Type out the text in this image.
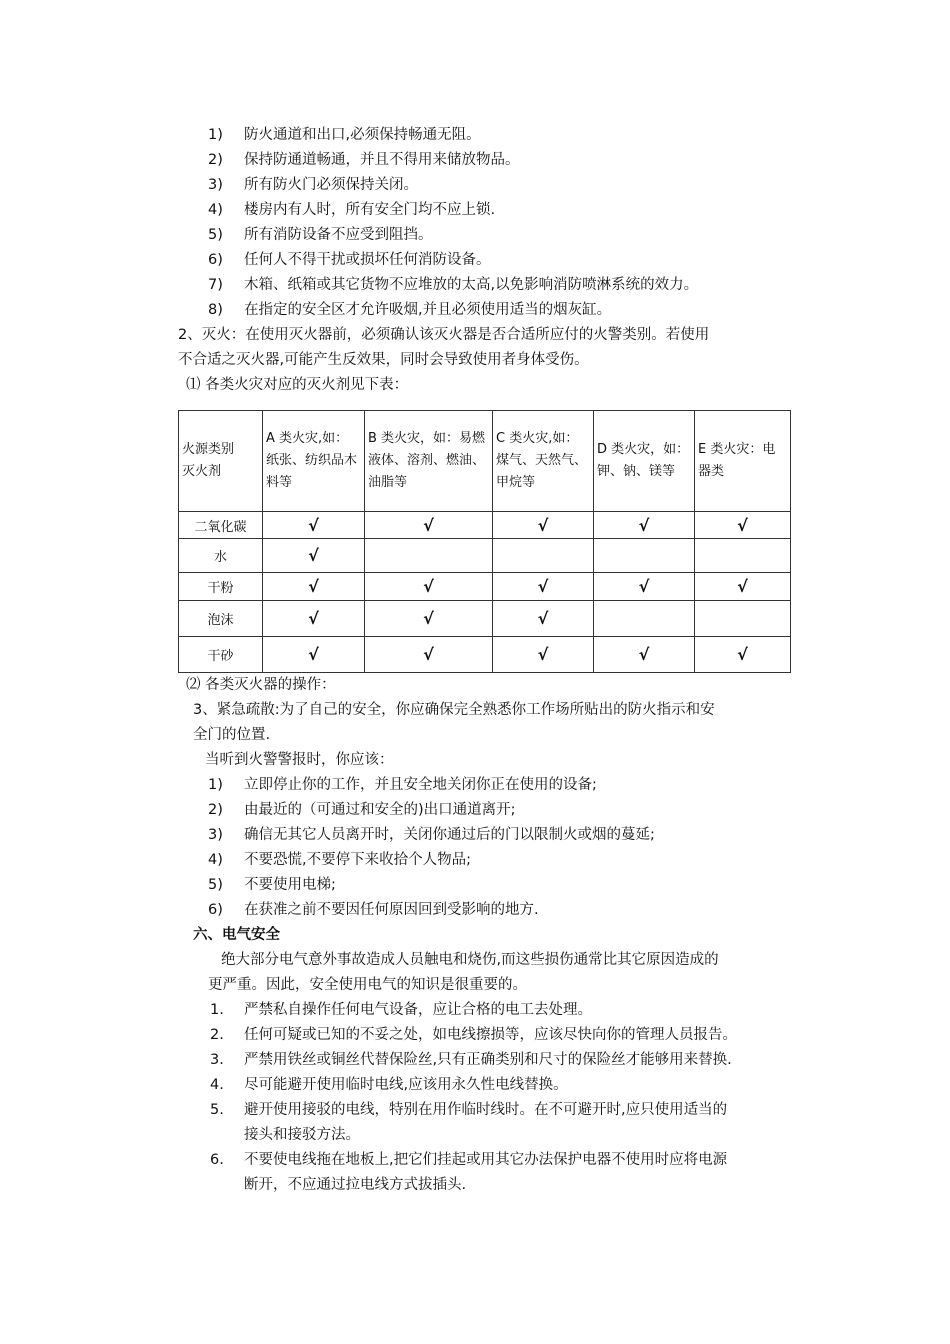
1) 防火通道和出口,必须保持畅通无阻。
2) 保持防通道畅通，并且不得用来储放物品。
3) 所有防火门必须保持关闭。
4) 楼房内有人时，所有安全门均不应上锁.
5) 所有消防设备不应受到阻挡。
6) 任何人不得干扰或损坏任何消防设备。
7) 木箱、纸箱或其它货物不应堆放的太高,以免影响消防喷淋系统的效力。
8) 在指定的安全区才允许吸烟,并且必须使用适当的烟灰缸。
2、灭火：在使用灭火器前，必须确认该灭火器是否合适所应付的火警类别。若使用
不合适之灭火器,可能产生反效果，同时会导致使用者身体受伤。
⑴ 各类火灾对应的灭火剂见下表：
火源类别
灭火剂	A 类火灾,如：纸张、纺织品木料等	B 类火灾，如：易燃液体、溶剂、燃油、油脂等	C 类火灾,如：煤气、天然气、甲烷等	D 类火灾，如：钾、钠、镁等	E 类火灾：电器类

二氧化碳	√	√	√	√	√
水	√				
干粉	√	√	√	√	√
泡沫	√	√	√		
干砂	√	√	√	√	√
⑵ 各类灭火器的操作：
3、紧急疏散:为了自己的安全，你应确保完全熟悉你工作场所贴出的防火指示和安
全门的位置.
当听到火警警报时，你应该：
1) 立即停止你的工作，并且安全地关闭你正在使用的设备;
2) 由最近的（可通过和安全的)出口通道离开;
3) 确信无其它人员离开时，关闭你通过后的门以限制火或烟的蔓延;
4) 不要恐慌,不要停下来收拾个人物品;
5) 不要使用电梯;
6) 在获准之前不要因任何原因回到受影响的地方.
六、电气安全
绝大部分电气意外事故造成人员触电和烧伤,而这些损伤通常比其它原因造成的
更严重。因此，安全使用电气的知识是很重要的。
1. 严禁私自操作任何电气设备，应让合格的电工去处理。
2. 任何可疑或已知的不妥之处，如电线擦损等，应该尽快向你的管理人员报告。
3. 严禁用铁丝或铜丝代替保险丝,只有正确类别和尺寸的保险丝才能够用来替换.
4. 尽可能避开使用临时电线,应该用永久性电线替换。
5. 避开使用接驳的电线，特别在用作临时线时。在不可避开时,应只使用适当的
接头和接驳方法。
6. 不要使电线拖在地板上,把它们挂起或用其它办法保护电器不使用时应将电源
断开，不应通过拉电线方式拔插头.
